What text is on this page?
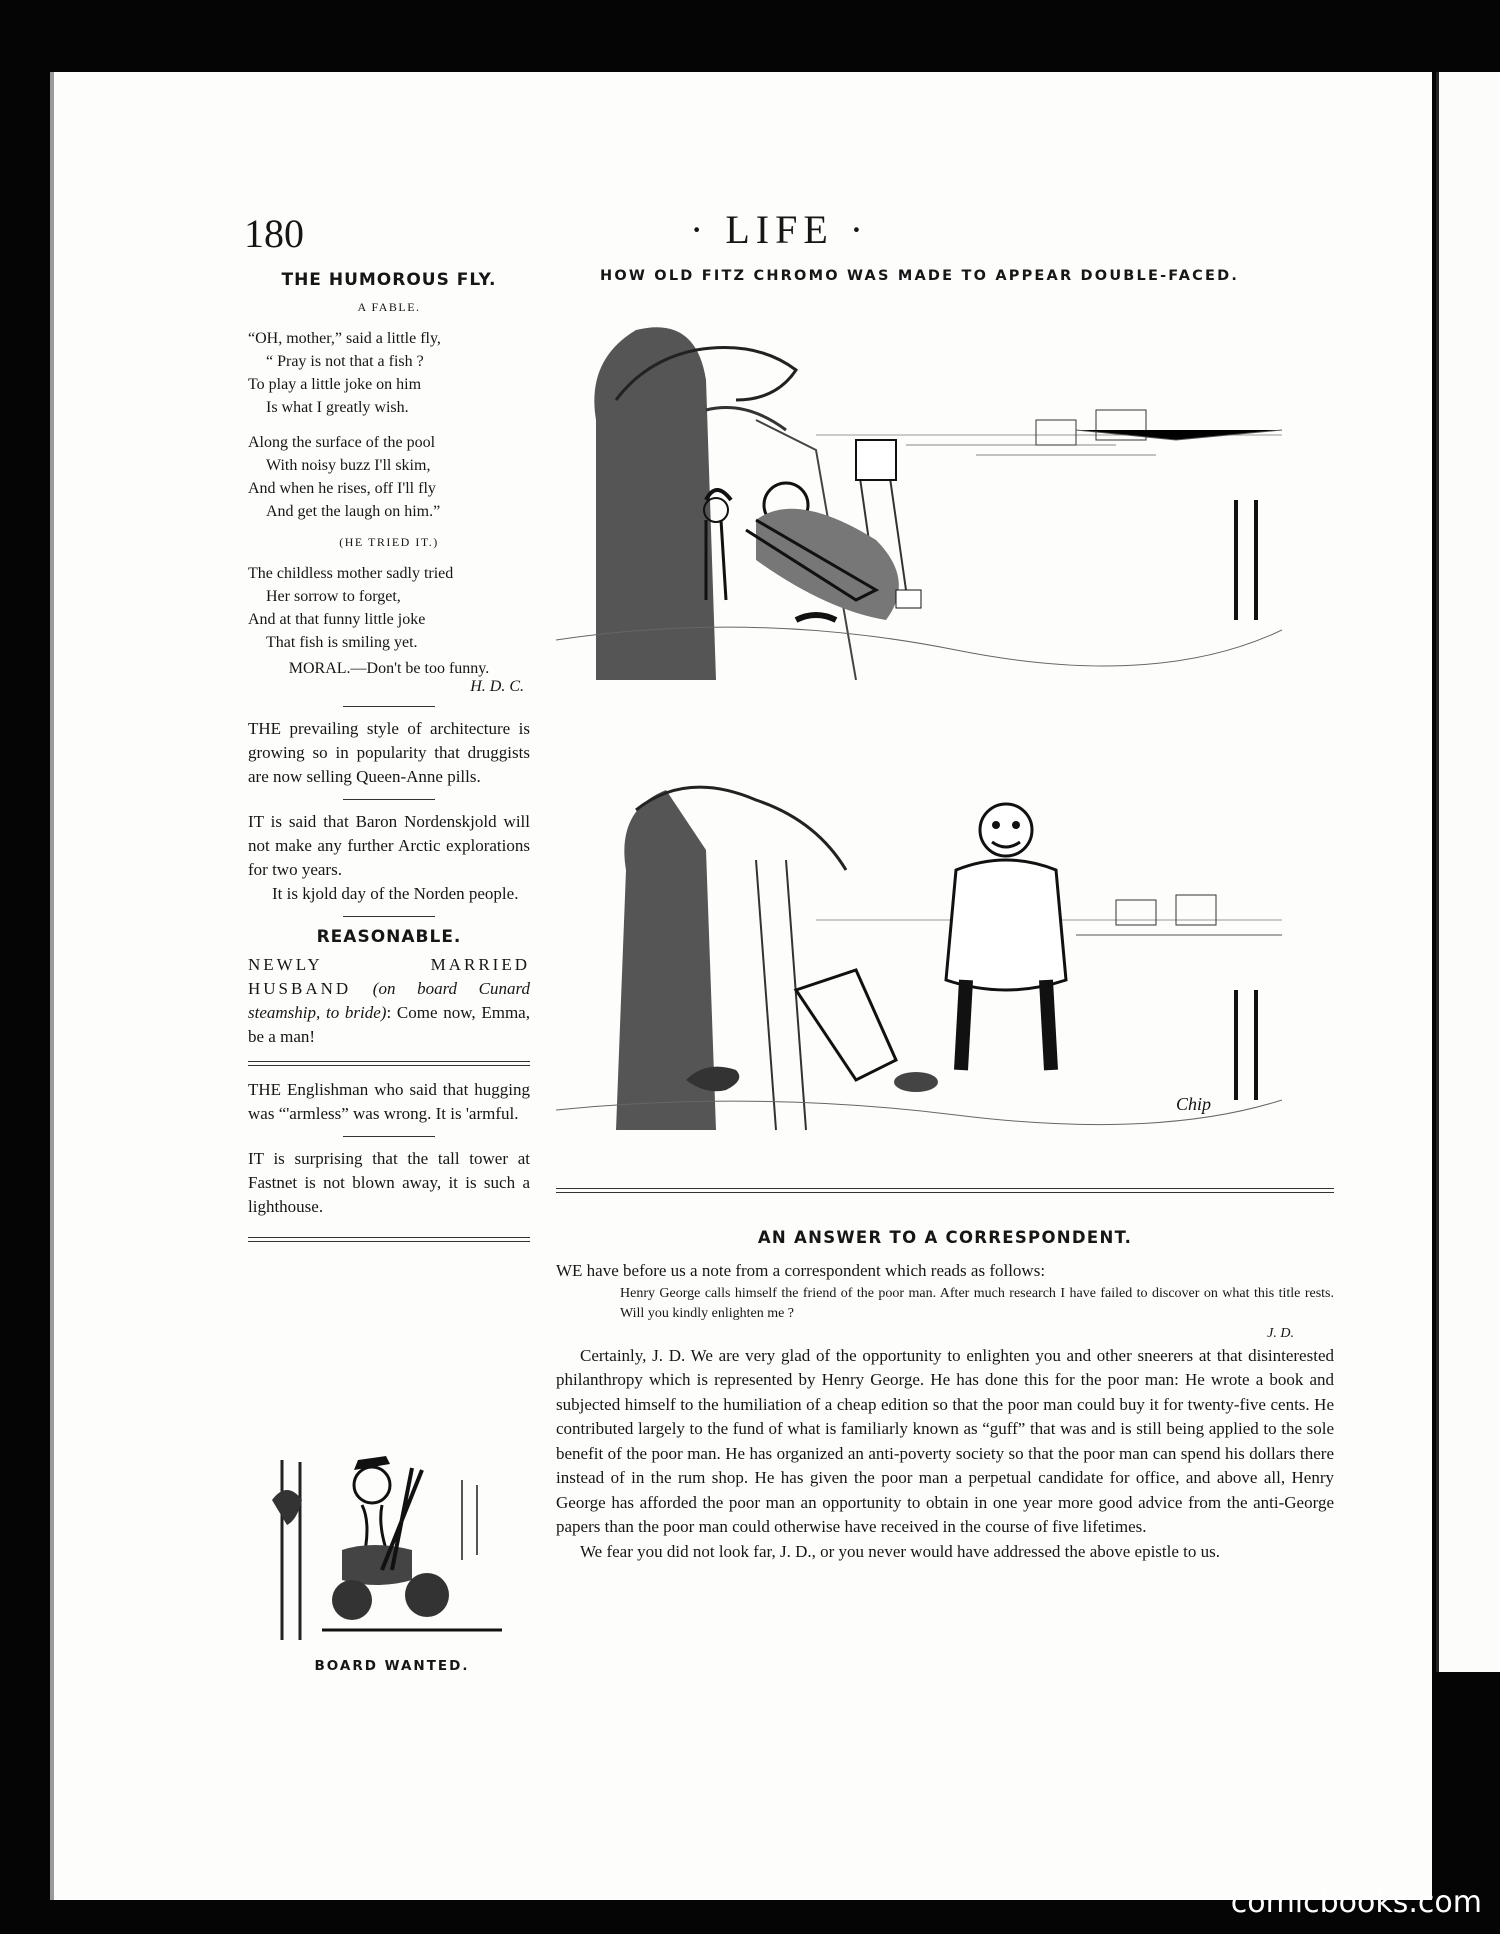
180	· LIFE ·
HOW OLD FITZ CHROMO WAS MADE TO APPEAR DOUBLE-FACED.
THE HUMOROUS FLY.
A FABLE.
“OH, mother,” said a little fly,
“ Pray is not that a fish ?
To play a little joke on him
Is what I greatly wish.
Along the surface of the pool
With noisy buzz I'll skim,
And when he rises, off I'll fly
And get the laugh on him.”
(HE TRIED IT.)
The childless mother sadly tried
Her sorrow to forget,
And at that funny little joke
That fish is smiling yet.
MORAL.—Don't be too funny.
H. D. C.
THE prevailing style of architecture is growing so in popularity that druggists are now selling Queen-Anne pills.
IT is said that Baron Nordenskjold will not make any further Arctic explorations for two years.
It is kjold day of the Norden people.
REASONABLE.
NEWLY MARRIED HUSBAND (on board Cunard steamship, to bride): Come now, Emma, be a man!
THE Englishman who said that hugging was “'armless” was wrong. It is 'armful.
IT is surprising that the tall tower at Fastnet is not blown away, it is such a lighthouse.
BOARD WANTED.
Chip
AN ANSWER TO A CORRESPONDENT.
WE have before us a note from a correspondent which reads as follows:
Henry George calls himself the friend of the poor man. After much research I have failed to discover on what this title rests. Will you kindly enlighten me ?
J. D.
Certainly, J. D. We are very glad of the opportunity to enlighten you and other sneerers at that disinterested philanthropy which is represented by Henry George. He has done this for the poor man: He wrote a book and subjected himself to the humiliation of a cheap edition so that the poor man could buy it for twenty-five cents. He contributed largely to the fund of what is familiarly known as “guff” that was and is still being applied to the sole benefit of the poor man. He has organized an anti-poverty society so that the poor man can spend his dollars there instead of in the rum shop. He has given the poor man a perpetual candidate for office, and above all, Henry George has afforded the poor man an opportunity to obtain in one year more good advice from the anti-George papers than the poor man could otherwise have received in the course of five lifetimes.
We fear you did not look far, J. D., or you never would have addressed the above epistle to us.
comicbooks.com
